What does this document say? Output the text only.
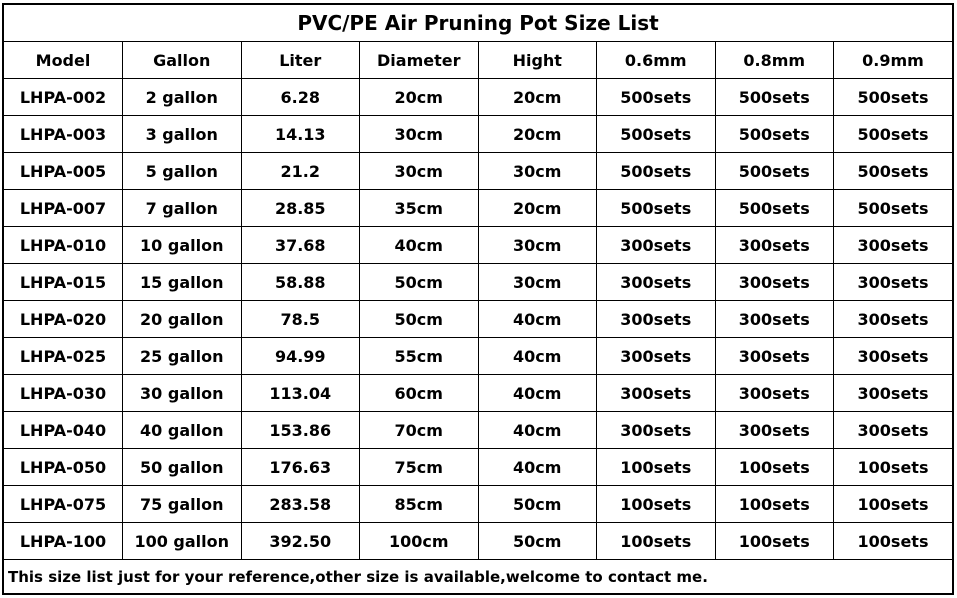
PVC/PE Air Pruning Pot Size List
Model	Gallon	Liter	Diameter	Hight	0.6mm	0.8mm	0.9mm
LHPA-002	2 gallon	6.28	20cm	20cm	500sets	500sets	500sets
LHPA-003	3 gallon	14.13	30cm	20cm	500sets	500sets	500sets
LHPA-005	5 gallon	21.2	30cm	30cm	500sets	500sets	500sets
LHPA-007	7 gallon	28.85	35cm	20cm	500sets	500sets	500sets
LHPA-010	10 gallon	37.68	40cm	30cm	300sets	300sets	300sets
LHPA-015	15 gallon	58.88	50cm	30cm	300sets	300sets	300sets
LHPA-020	20 gallon	78.5	50cm	40cm	300sets	300sets	300sets
LHPA-025	25 gallon	94.99	55cm	40cm	300sets	300sets	300sets
LHPA-030	30 gallon	113.04	60cm	40cm	300sets	300sets	300sets
LHPA-040	40 gallon	153.86	70cm	40cm	300sets	300sets	300sets
LHPA-050	50 gallon	176.63	75cm	40cm	100sets	100sets	100sets
LHPA-075	75 gallon	283.58	85cm	50cm	100sets	100sets	100sets
LHPA-100	100 gallon	392.50	100cm	50cm	100sets	100sets	100sets
This size list just for your reference,other size is available,welcome to contact me.
